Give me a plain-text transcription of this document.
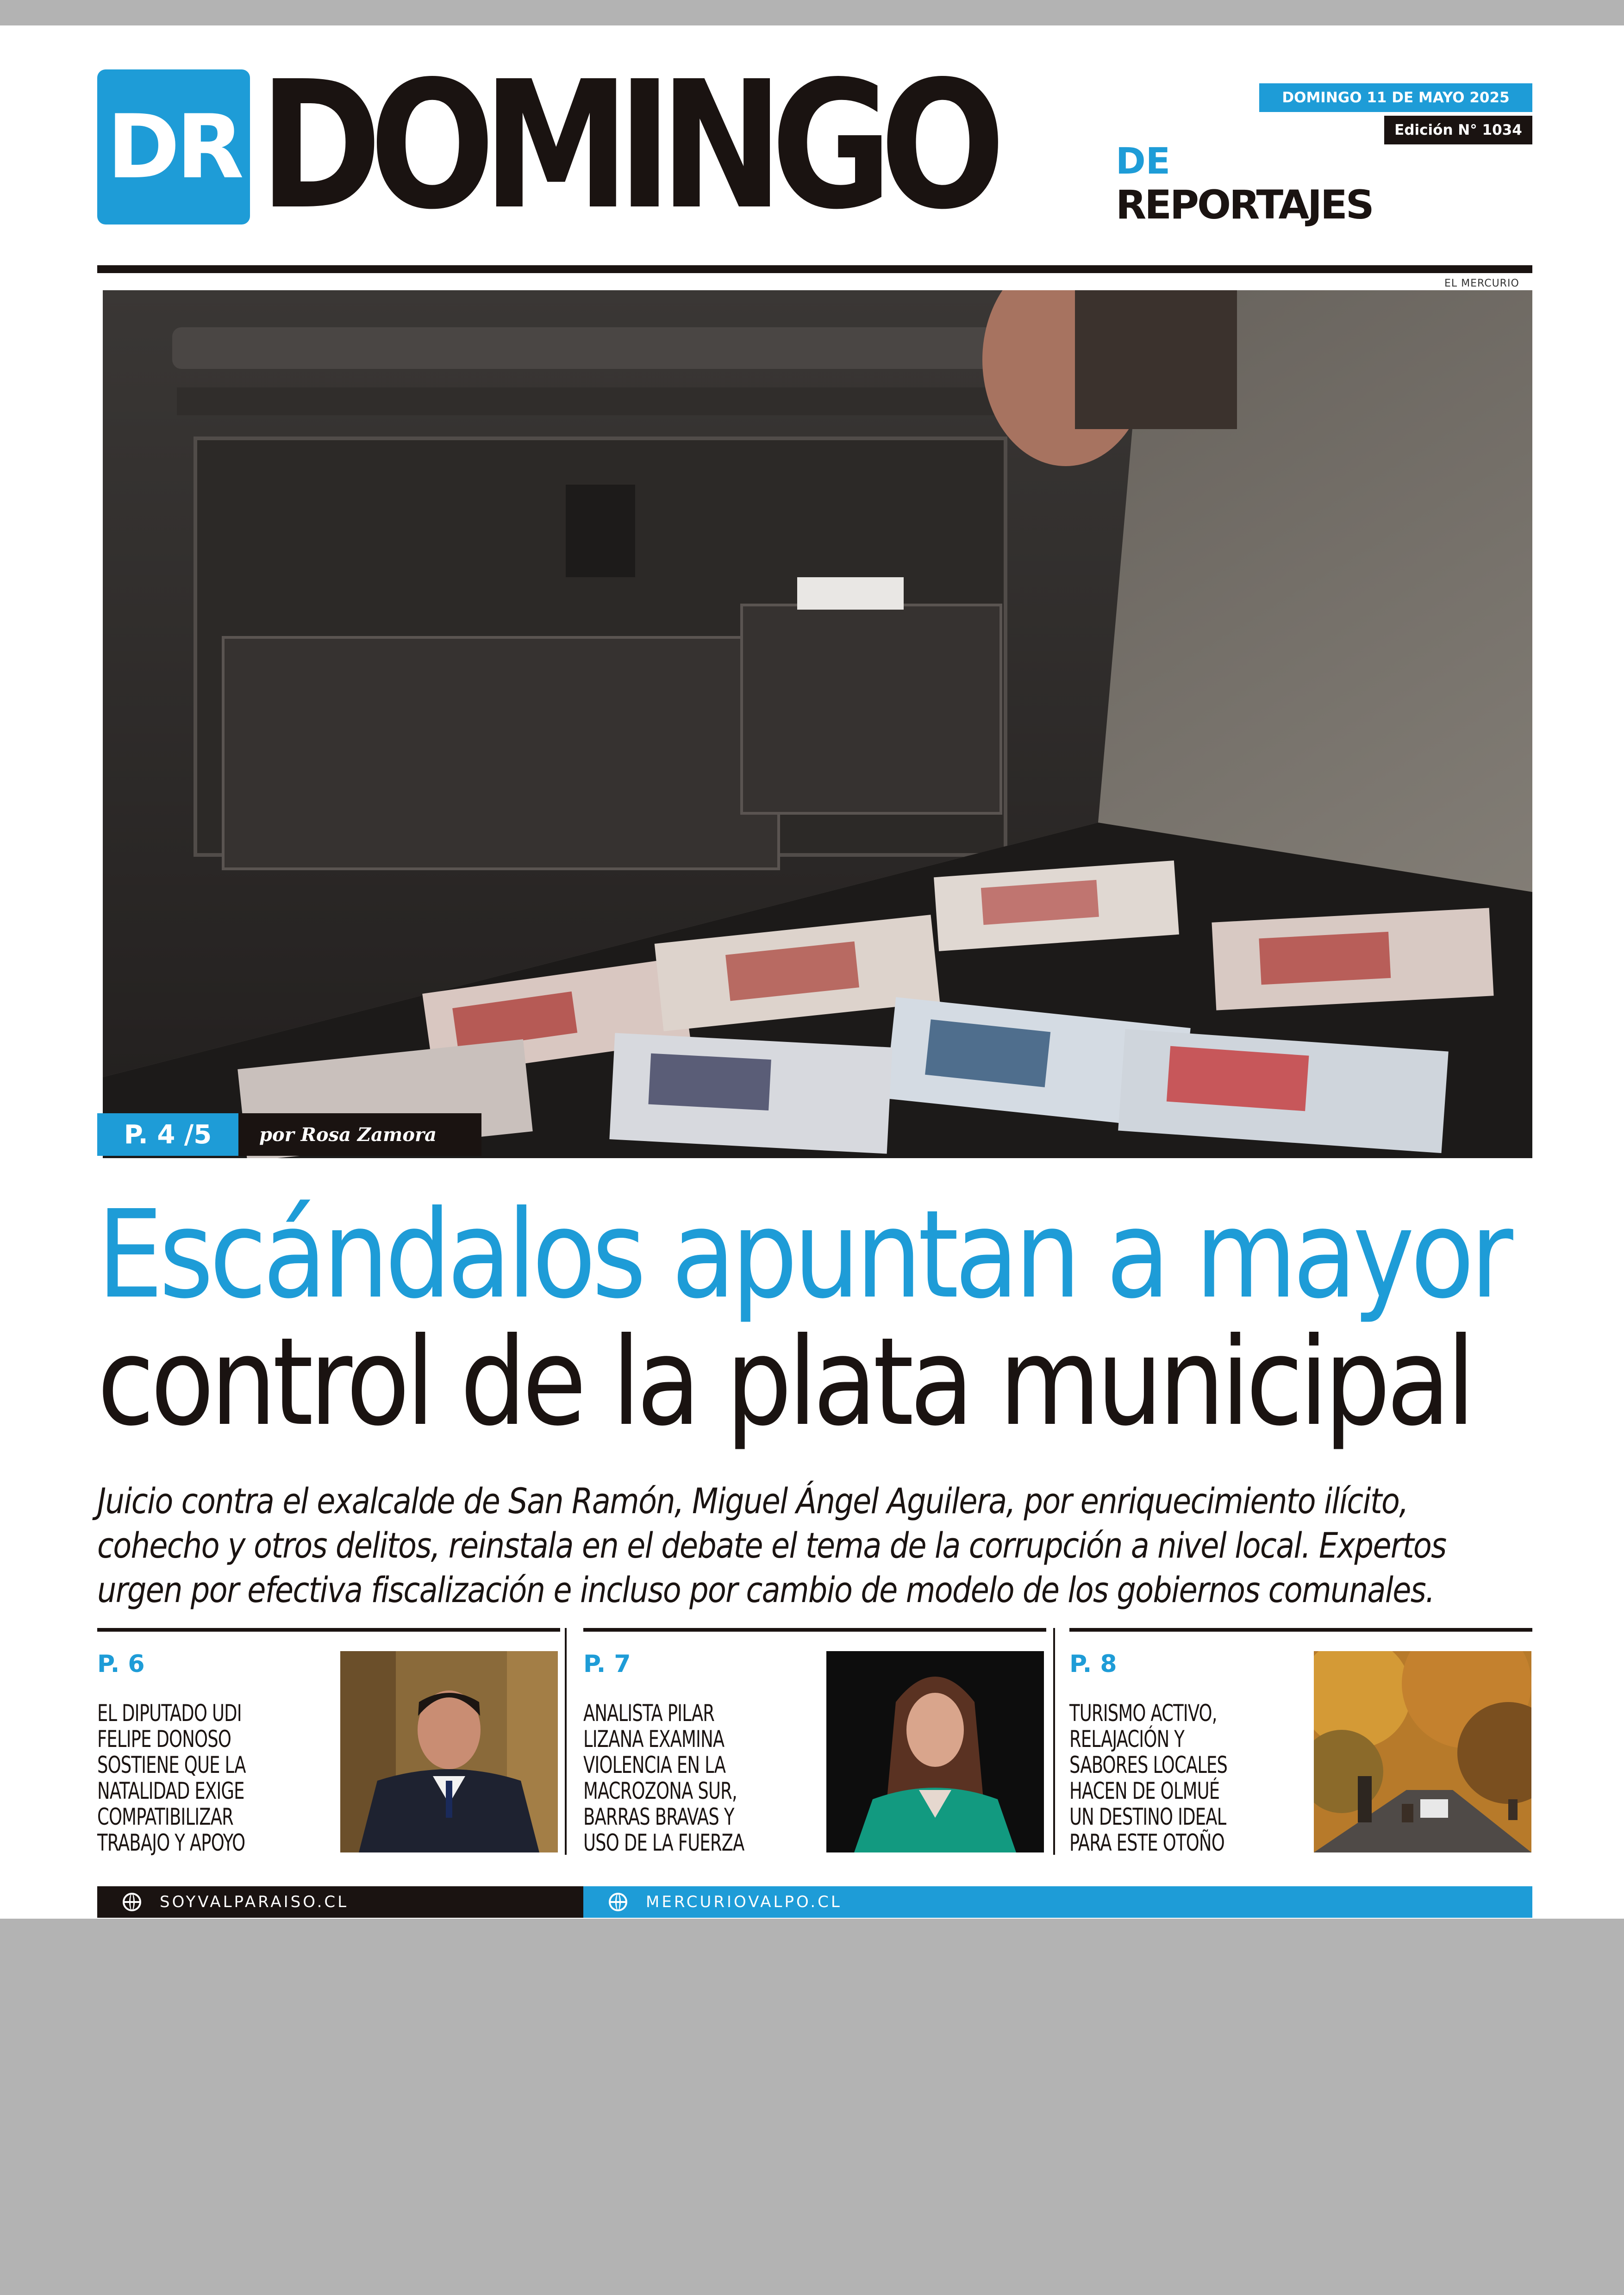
DR DOMINGO	DE
REPORTAJES
DOMINGO 11 DE MAYO 2025
Edición N° 1034
EL MERCURIO
P. 4 /5	por Rosa Zamora
Escándalos apuntan a mayor
control de la plata municipal
Juicio contra el exalcalde de San Ramón, Miguel Ángel Aguilera, por enriquecimiento ilícito,
cohecho y otros delitos, reinstala en el debate el tema de la corrupción a nivel local. Expertos
urgen por efectiva fiscalización e incluso por cambio de modelo de los gobiernos comunales.
P. 6
EL DIPUTADO UDI
FELIPE DONOSO
SOSTIENE QUE LA
NATALIDAD EXIGE
COMPATIBILIZAR
TRABAJO Y APOYO
P. 7
ANALISTA PILAR
LIZANA EXAMINA
VIOLENCIA EN LA
MACROZONA SUR,
BARRAS BRAVAS Y
USO DE LA FUERZA
P. 8
TURISMO ACTIVO,
RELAJACIÓN Y
SABORES LOCALES
HACEN DE OLMUÉ
UN DESTINO IDEAL
PARA ESTE OTOÑO
SOYVALPARAISO.CL	MERCURIOVALPO.CL
